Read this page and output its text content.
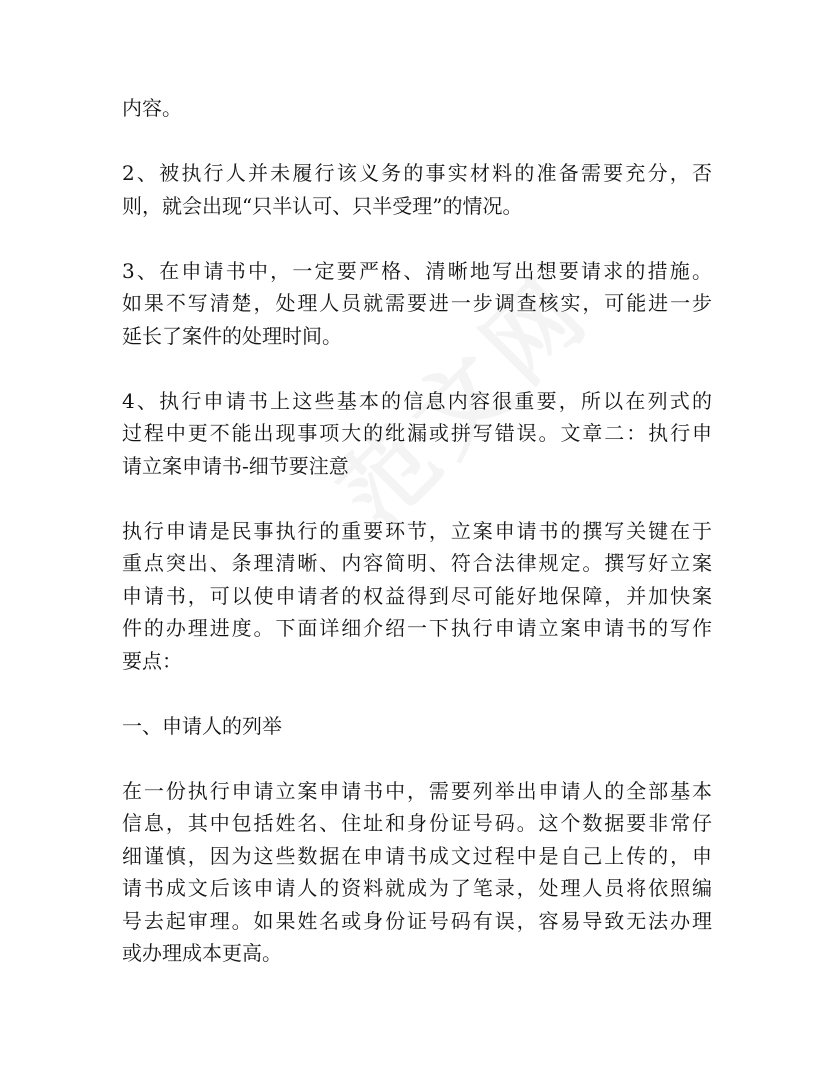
内容。

2、被执行人并未履行该义务的事实材料的准备需要充分，否
则，就会出现“只半认可、只半受理”的情况。

3、在申请书中，一定要严格、清晰地写出想要请求的措施。
如果不写清楚，处理人员就需要进一步调查核实，可能进一步
延长了案件的处理时间。

4、执行申请书上这些基本的信息内容很重要，所以在列式的
过程中更不能出现事项大的纰漏或拼写错误。文章二：执行申
请立案申请书-细节要注意

执行申请是民事执行的重要环节，立案申请书的撰写关键在于
重点突出、条理清晰、内容简明、符合法律规定。撰写好立案
申请书，可以使申请者的权益得到尽可能好地保障，并加快案
件的办理进度。下面详细介绍一下执行申请立案申请书的写作
要点：

一、申请人的列举

在一份执行申请立案申请书中，需要列举出申请人的全部基本
信息，其中包括姓名、住址和身份证号码。这个数据要非常仔
细谨慎，因为这些数据在申请书成文过程中是自己上传的，申
请书成文后该申请人的资料就成为了笔录，处理人员将依照编
号去起审理。如果姓名或身份证号码有误，容易导致无法办理
或办理成本更高。
